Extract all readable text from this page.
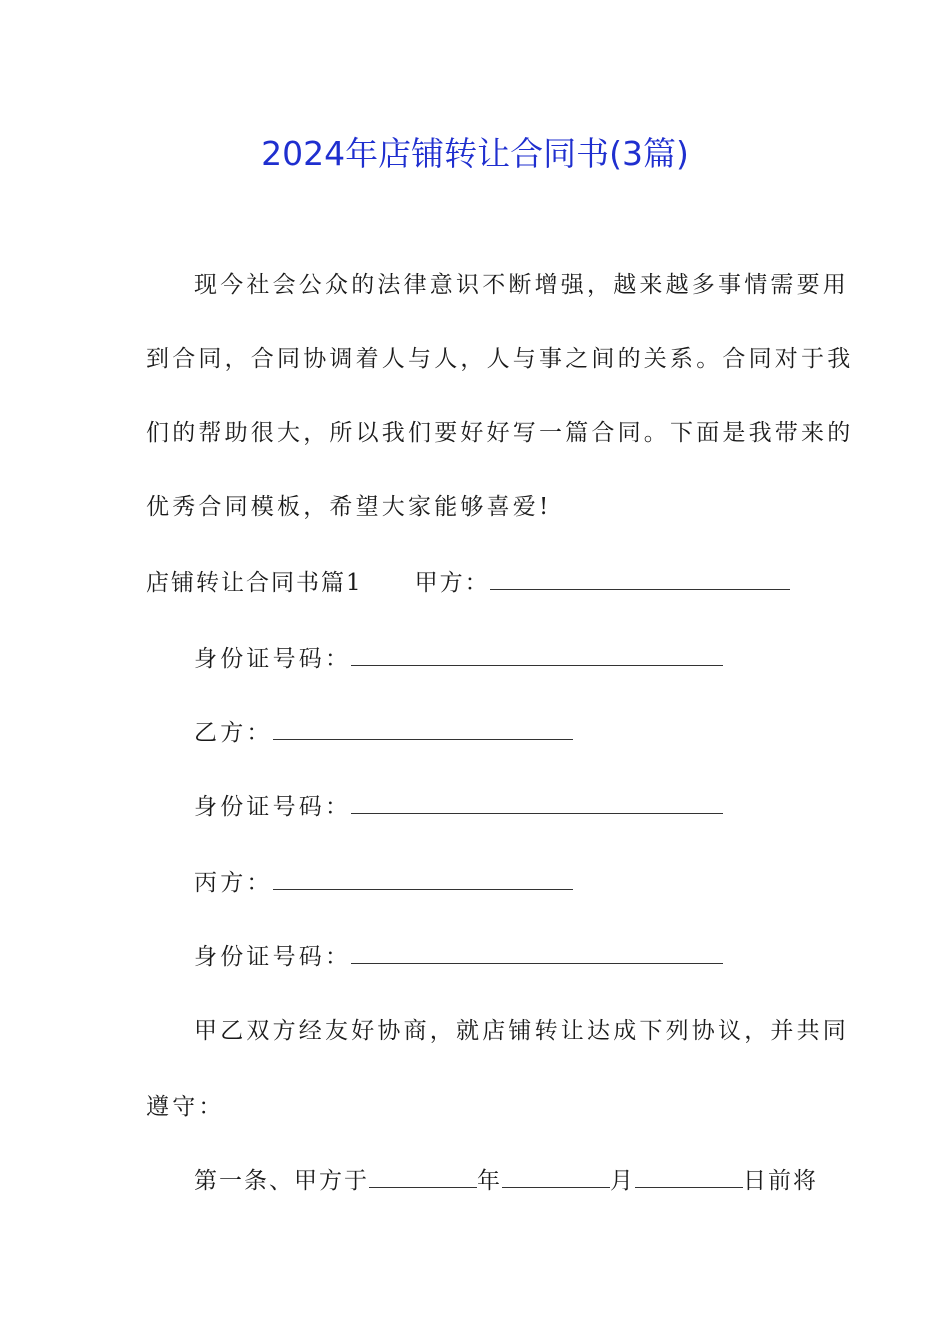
2024年店铺转让合同书(3篇)
现今社会公众的法律意识不断增强，越来越多事情需要用
到合同，合同协调着人与人，人与事之间的关系。合同对于我
们的帮助很大，所以我们要好好写一篇合同。下面是我带来的
优秀合同模板，希望大家能够喜爱!
店铺转让合同书篇1 甲方：
身份证号码：
乙方：
身份证号码：
丙方：
身份证号码：
甲乙双方经友好协商，就店铺转让达成下列协议，并共同
遵守：
第一条、甲方于	年	月	日前将
